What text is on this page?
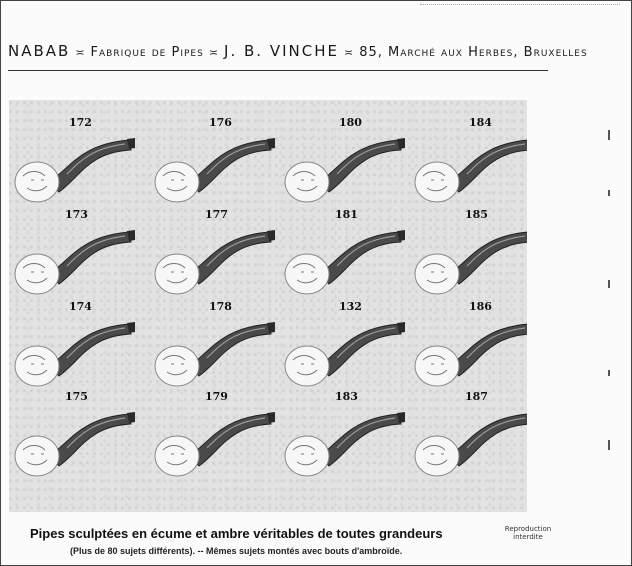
NABAB ≍ Fabrique de Pipes ≍ J. B. VINCHE ≍ 85, Marché aux Herbes, Bruxelles
172
173
174
175
176
177
178
179
180
181
132
183
184
185
186
187
Pipes sculptées en écume et ambre véritables de toutes grandeurs	Reproduction
interdite
(Plus de 80 sujets différents). -- Mêmes sujets montés avec bouts d'ambroïde.
